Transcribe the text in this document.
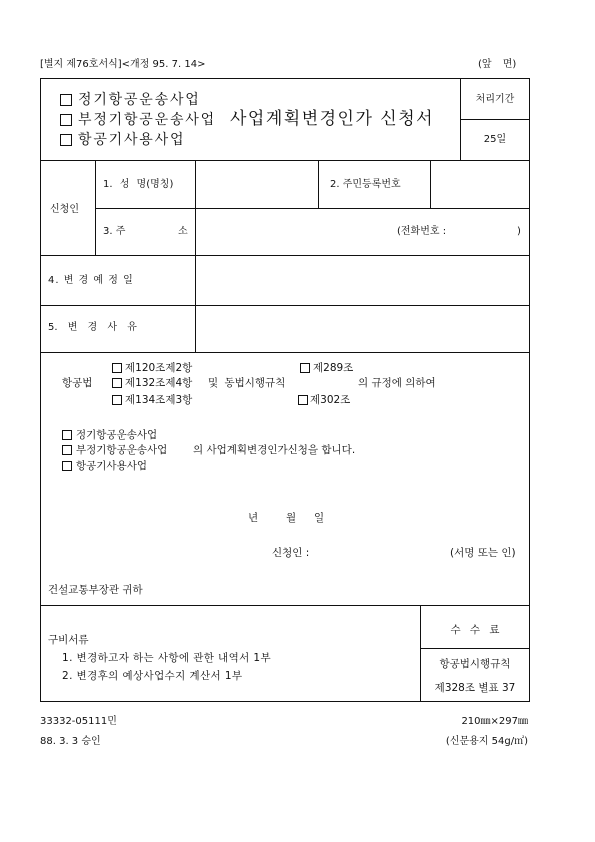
[별지 제76호서식]<개정 95. 7. 14>	(앞 면)
정기항공운송사업
부정기항공운송사업 사업계획변경인가 신청서
항공기사용사업
처리기간
25일
신청인
1. 성 명(명칭)	2. 주민등록번호
3. 주	소	(전화번호 :	)
4. 변 경 예 정 일
5. 변 경 사 유
항공법
제120조제2항	제289조
제132조제4항 및 동법시행규칙	의 규정에 의하여
제134조제3항	제302조
정기항공운송사업
부정기항공운송사업 의 사업계획변경인가신청을 합니다.
항공기사용사업
년	월 일
신청인 :	(서명 또는 인)
건설교통부장관 귀하
구비서류
1. 변경하고자 하는 사항에 관한 내역서 1부
2. 변경후의 예상사업수지 계산서 1부
수 수 료
항공법시행규칙
제328조 별표 37
33332-05111민	210㎜×297㎜
88. 3. 3 승인	(신문용지 54g/㎡)
